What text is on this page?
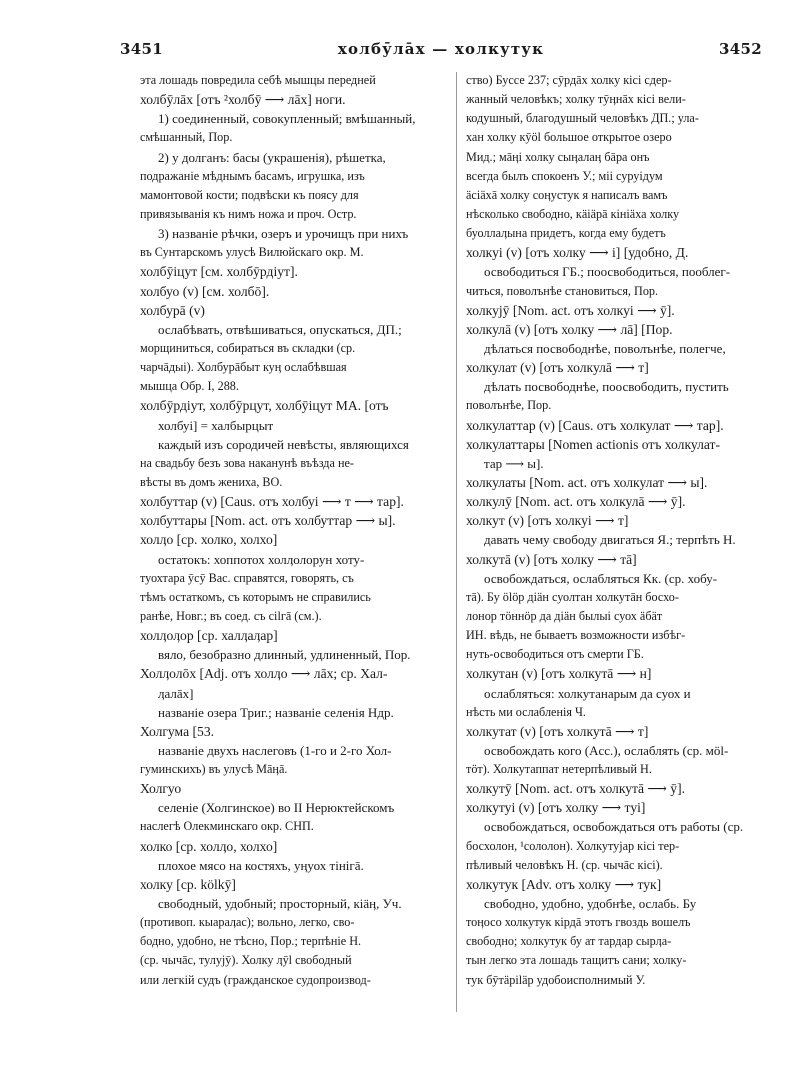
3451	холбӯлāх — холкутук	3452
эта лошадь повредила себѣ мышцы передней
холбӯлāх [отъ ²холбӯ ⟶ лāх] ноги.
1) соединенный, совокупленный; вмѣшанный,
смѣшанный, Пор.
2) у долганъ: басы (украшенія), рѣшетка,
подражаніе мѣднымъ басамъ, игрушка, изъ
мамонтовой кости; подвѣски къ поясу для
привязыванія къ нимъ ножа и проч. Остр.
3) названіе рѣчки, озеръ и урочищъ при нихъ
въ Сунтарскомъ улусѣ Вилюйскаго окр. М.
холбӯіцут [см. холбӯрдіут].
холбуо (v) [см. холбō].
холбурā (v)
ослабѣвать, отвѣшиваться, опускаться, ДП.;
морщиниться, собираться въ складки (ср.
чарчāдыі). Холбурāбыт куӊ ослабѣвшая
мышца Обр. I, 288.
холбӯрдіут, холбӯрцут, холбӯіцут МА. [отъ
холбуі] = халбырцыт
каждый изъ сородичей невѣсты, являющихся
на свадьбу безъ зова наканунѣ въѣзда не-
вѣсты въ домъ жениха, ВО.
холбуттар (v) [Caus. отъ холбуі ⟶ т ⟶ тар].
холбуттары [Nom. act. отъ холбуттар ⟶ ы].
холӆо [ср. холко, холхо]
остатокъ: хоппотох холӆолорун хоту-
туохтара ӯсӯ Вас. справятся, говорять, съ
тѣмъ остаткомъ, съ которымъ не справились
ранѣе, Новг.; въ соед. съ сіlгā (см.).
холӆоӆор [ср. халӆаӆар]
вяло, безобразно длинный, удлиненный, Пор.
Холӆолōх [Adj. отъ холӆо ⟶ лāх; ср. Хал-
ӆалāх]
названіе озера Триг.; названіе селенія Ндр.
Холгума [53.
названіе двухъ наслеговъ (1-го и 2-го Хол-
гуминскихъ) въ улусѣ Мāӊā.
Холгуо
селеніе (Холгинское) во II Нерюктейскомъ
наслегѣ Олекминскаго окр. СНП.
холко [ср. холӆо, холхо]
плохое мясо на костяхъ, уӊуох тінігā.
холку [ср. kölkӯ]
свободный, удобный; просторный, кіäӊ, Уч.
(противоп. кыараӆас); вольно, легко, сво-
бодно, удобно, не тѣсно, Пор.; терпѣніе Н.
(ср. чычāс, тулуjӯ). Холку ӆӯl свободный
или легкій судъ (гражданское судопроизвод-
ство) Буссе 237; сӯрдāх холку кісі сдер-
жанный человѣкъ; холку тӯӊнāх кісі вели-
кодушный, благодушный человѣкъ ДП.; ула-
хан холку кӯӧl большое открытое озеро
Мид.; мāӊі холку сыӊалаӊ бāра онъ
всегда былъ спокоенъ У.; міі суруідум
äсіäхā холку соӊустук я написалъ вамъ
нѣсколько свободно, кäіäpā кініäха холку
буоллаӆына придетъ, когда ему будетъ
холкуі (v) [отъ холку ⟶ і] [удобно, Д.
освободиться ГБ.; поосвободиться, пооблег-
читься, поволънѣе становиться, Пор.
холкуjӯ [Nom. act. отъ холкуі ⟶ ӯ].
холкулā (v) [отъ холку ⟶ лā] [Пор.
дѣлаться посвободнѣе, поволънѣе, полегче,
холкулат (v) [отъ холкулā ⟶ т]
дѣлать посвободнѣе, поосвободить, пустить
поволънѣе, Пор.
холкулаттар (v) [Caus. отъ холкулат ⟶ тар].
холкулаттары [Nomen actionis отъ холкулат-
тар ⟶ ы].
холкулаты [Nom. act. отъ холкулат ⟶ ы].
холкулӯ [Nom. act. отъ холкулā ⟶ ӯ].
холкут (v) [отъ холкуі ⟶ т]
давать чему свободу двигаться Я.; терпѣть Н.
холкутā (v) [отъ холку ⟶ тā]
освобождаться, ослабляться Кк. (ср. хобу-
тā). Бу ӧlӧр діäн суолтан холкутāн босхо-
лонор тӧннӧр да діäн былыі суох äбäт
ИН. вѣдь, не бываетъ возможности избѣг-
нуть-освободиться отъ смерти ГБ.
холкутан (v) [отъ холкутā ⟶ н]
ослабляться: холкутанарым да суох и
нѣсть ми ослабленія Ч.
холкутат (v) [отъ холкутā ⟶ т]
освобождать кого (Acc.), ослаблять (ср. мӧl-
тӧт). Холкутаппат нетерпѣливый Н.
холкутӯ [Nom. act. отъ холкутā ⟶ ӯ].
холкутуі (v) [отъ холку ⟶ туі]
освобождаться, освобождаться отъ работы (ср.
босхолон, ¹сололон). Холкутуjар кісі тер-
пѣливый человѣкъ Н. (ср. чычāс кісі).
холкутук [Adv. отъ холку ⟶ тук]
свободно, удобно, удобнѣе, ослабь. Бу
тоӊосо холкутук кірдā этотъ гвоздь вошелъ
свободно; холкутук бу ат тардар сырӆа-
тын легко эта лошадь тащитъ сани; холку-
тук бӯтäріläр удобоисполнимый У.
